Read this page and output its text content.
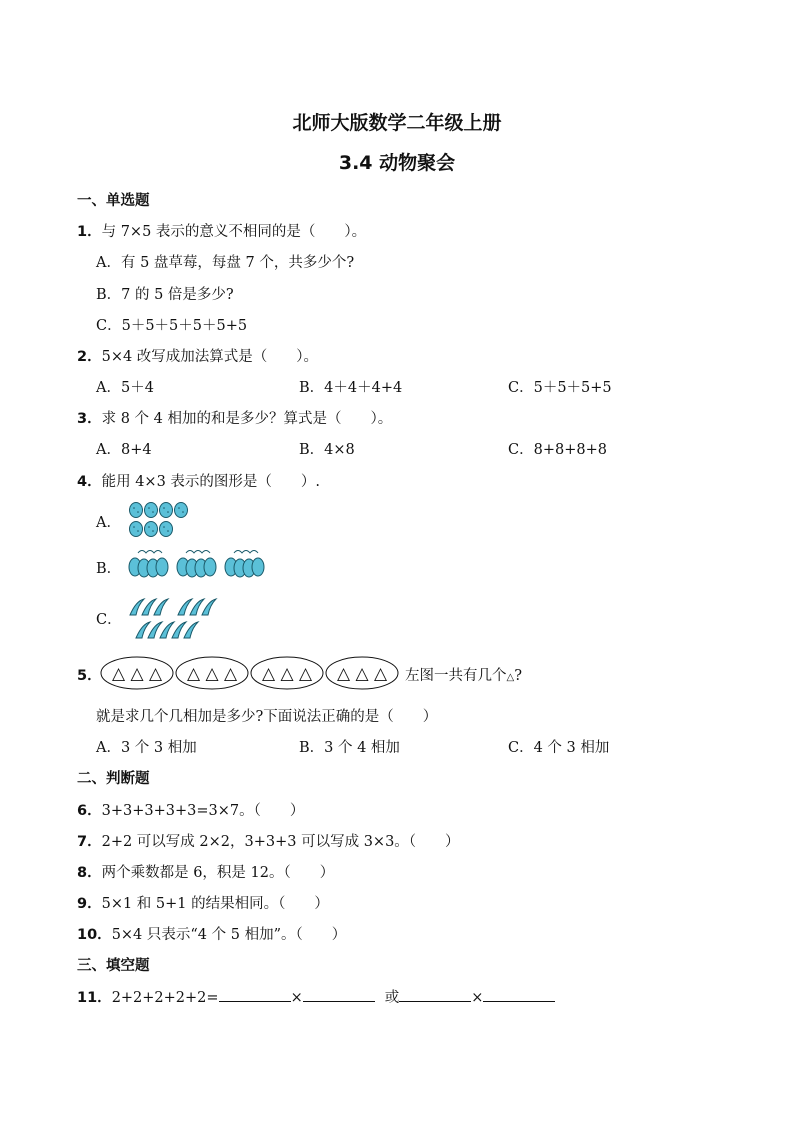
北师大版数学二年级上册
3.4 动物聚会
一、单选题
1．与 7×5 表示的意义不相同的是（　　）。
A．有 5 盘草莓，每盘 7 个，共多少个?
B．7 的 5 倍是多少?
C．5＋5＋5＋5＋5+5
2．5×4 改写成加法算式是（　　）。
A．5＋4	B．4＋4＋4+4	C．5＋5＋5+5
3．求 8 个 4 相加的和是多少？算式是（　　）。
A．8+4	B．4×8	C．8+8+8+8
4．能用 4×3 表示的图形是（　　）.
A．
B．
C．
5． △ △ △ △ △ △ △ △ △ △ △ △ 左图一共有几个△?
就是求几个几相加是多少?下面说法正确的是（　　）
A．3 个 3 相加	B．3 个 4 相加	C．4 个 3 相加
二、判断题
6．3+3+3+3+3=3×7。（　　）
7．2+2 可以写成 2×2，3+3+3 可以写成 3×3。（　　）
8．两个乘数都是 6，积是 12。（　　）
9．5×1 和 5+1 的结果相同。（　　）
10．5×4 只表示“4 个 5 相加”。（　　）
三、填空题
11．2+2+2+2+2=	×	或	×
